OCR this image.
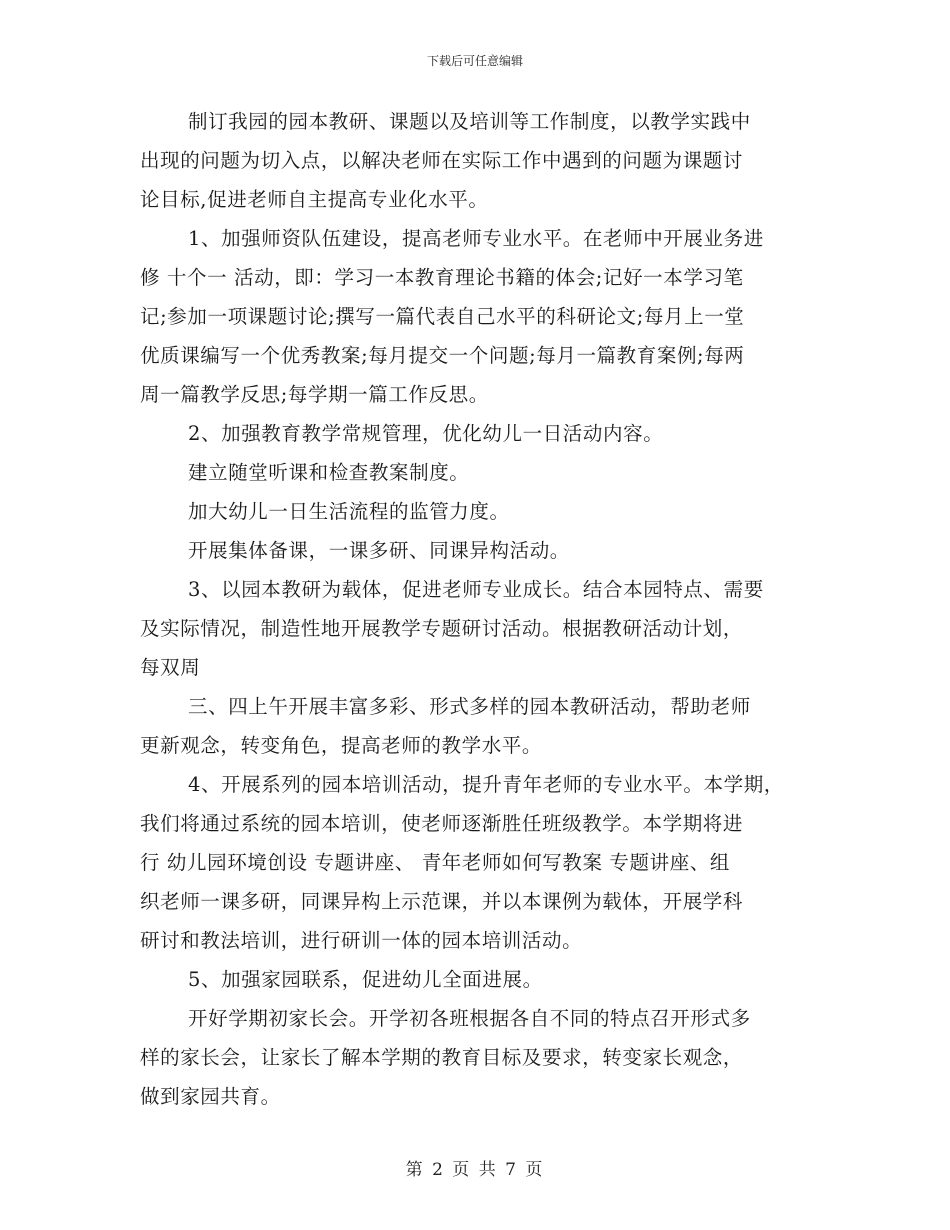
下载后可任意编辑
制订我园的园本教研、课题以及培训等工作制度，以教学实践中
出现的问题为切入点，以解决老师在实际工作中遇到的问题为课题讨
论目标,促进老师自主提高专业化水平。
1、加强师资队伍建设，提高老师专业水平。在老师中开展业务进
修 十个一 活动，即：学习一本教育理论书籍的体会;记好一本学习笔
记;参加一项课题讨论;撰写一篇代表自己水平的科研论文;每月上一堂
优质课编写一个优秀教案;每月提交一个问题;每月一篇教育案例;每两
周一篇教学反思;每学期一篇工作反思。
2、加强教育教学常规管理，优化幼儿一日活动内容。
建立随堂听课和检查教案制度。
加大幼儿一日生活流程的监管力度。
开展集体备课，一课多研、同课异构活动。
3、以园本教研为载体，促进老师专业成长。结合本园特点、需要
及实际情况，制造性地开展教学专题研讨活动。根据教研活动计划，
每双周
三、四上午开展丰富多彩、形式多样的园本教研活动，帮助老师
更新观念，转变角色，提高老师的教学水平。
4、开展系列的园本培训活动，提升青年老师的专业水平。本学期，
我们将通过系统的园本培训，使老师逐渐胜任班级教学。本学期将进
行 幼儿园环境创设 专题讲座、 青年老师如何写教案 专题讲座、组
织老师一课多研，同课异构上示范课，并以本课例为载体，开展学科
研讨和教法培训，进行研训一体的园本培训活动。
5、加强家园联系，促进幼儿全面进展。
开好学期初家长会。开学初各班根据各自不同的特点召开形式多
样的家长会，让家长了解本学期的教育目标及要求，转变家长观念，
做到家园共育。
第 2 页 共 7 页
